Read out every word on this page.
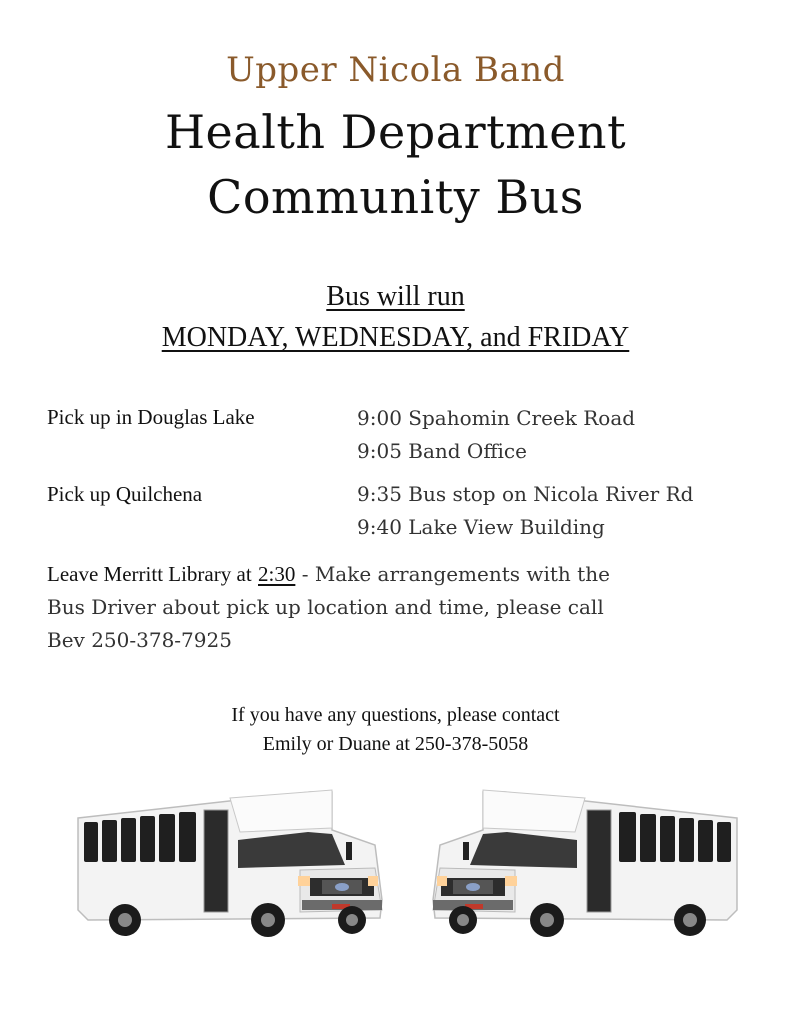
Upper Nicola Band
Health Department
Community Bus
Bus will run
MONDAY, WEDNESDAY, and FRIDAY
Pick up in Douglas Lake	9:00 Spahomin Creek Road
9:05 Band Office
Pick up Quilchena	9:35 Bus stop on Nicola River Rd
9:40 Lake View Building
Leave Merritt Library at 2:30 - Make arrangements with the
Bus Driver about pick up location and time, please call
Bev 250-378-7925
If you have any questions, please contact
Emily or Duane at 250-378-5058
